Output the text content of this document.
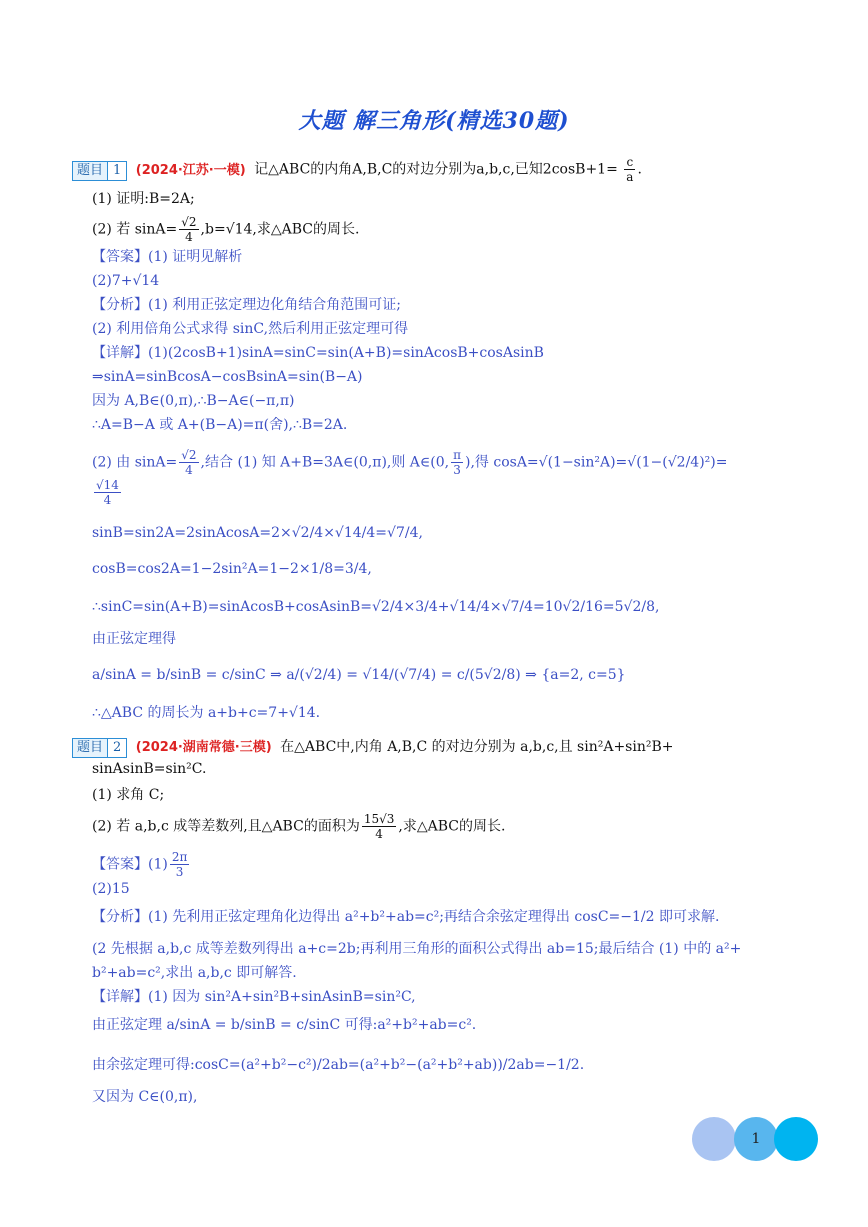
大题 解三角形(精选30题)
题目 1 (2024·江苏·一模) 记△ABC的内角A,B,C的对边分别为a,b,c,已知$2\cos B+1= \frac{c}{a}$ .
(1) 证明:B=2A;
(2) 若 $\sin A= \frac{√2}{4} ,b=√14$,求△ABC的周长.
【答案】(1) 证明见解析
(2)7+√14
【分析】(1) 利用正弦定理边化角结合角范围可证;
(2) 利用倍角公式求得 sinC,然后利用正弦定理可得
【详解】(1)(2cosB+1)sinA=sinC=sin(A+B)=sinAcosB+cosAsinB
⇒sinA=sinBcosA−cosBsinA=sin(B−A)
因为 A,B∈(0,π),∴B−A∈(−π,π)
∴A=B−A 或 A+(B−A)=π(舍),∴B=2A.
(2) 由 $\sin A= \frac{√2}{4}$ ,结合 (1) 知 A+B=3A∈(0,π),则 A∈(0, $\frac{\pi}{3}$ ),得 cosA=√(1−sin²A)=√(1−(√2/4)²)=
$\frac{√14}{4}$
sinB=sin2A=2sinAcosA=2×√2/4×√14/4=√7/4,
cosB=cos2A=1−2sin²A=1−2×1/8=3/4,
∴sinC=sin(A+B)=sinAcosB+cosAsinB=√2/4×3/4+√14/4×√7/4=10√2/16=5√2/8,
由正弦定理得
a/sinA = b/sinB = c/sinC ⇒ a/(√2/4) = √14/(√7/4) = c/(5√2/8) ⇒ {a=2, c=5}
∴△ABC 的周长为 a+b+c=7+√14.
题目 2 (2024·湖南常德·三模) 在△ABC中,内角 A,B,C 的对边分别为 a,b,c,且 sin²A+sin²B+
sinAsinB=sin²C.
(1) 求角 C;
(2) 若 a,b,c 成等差数列,且△ABC的面积为 $\frac{15√3}{4}$ ,求△ABC的周长.
【答案】$(1) \frac{2\pi}{3}$
(2)15
【分析】(1) 先利用正弦定理角化边得出 a²+b²+ab=c²;再结合余弦定理得出 cosC=−1/2 即可求解.
(2 先根据 a,b,c 成等差数列得出 a+c=2b;再利用三角形的面积公式得出 ab=15;最后结合 (1) 中的 a²+
b²+ab=c²,求出 a,b,c 即可解答.
【详解】(1) 因为 sin²A+sin²B+sinAsinB=sin²C,
由正弦定理 a/sinA = b/sinB = c/sinC 可得:a²+b²+ab=c².
由余弦定理可得:cosC=(a²+b²−c²)/2ab=(a²+b²−(a²+b²+ab))/2ab=−1/2.
又因为 C∈(0,π),
1
